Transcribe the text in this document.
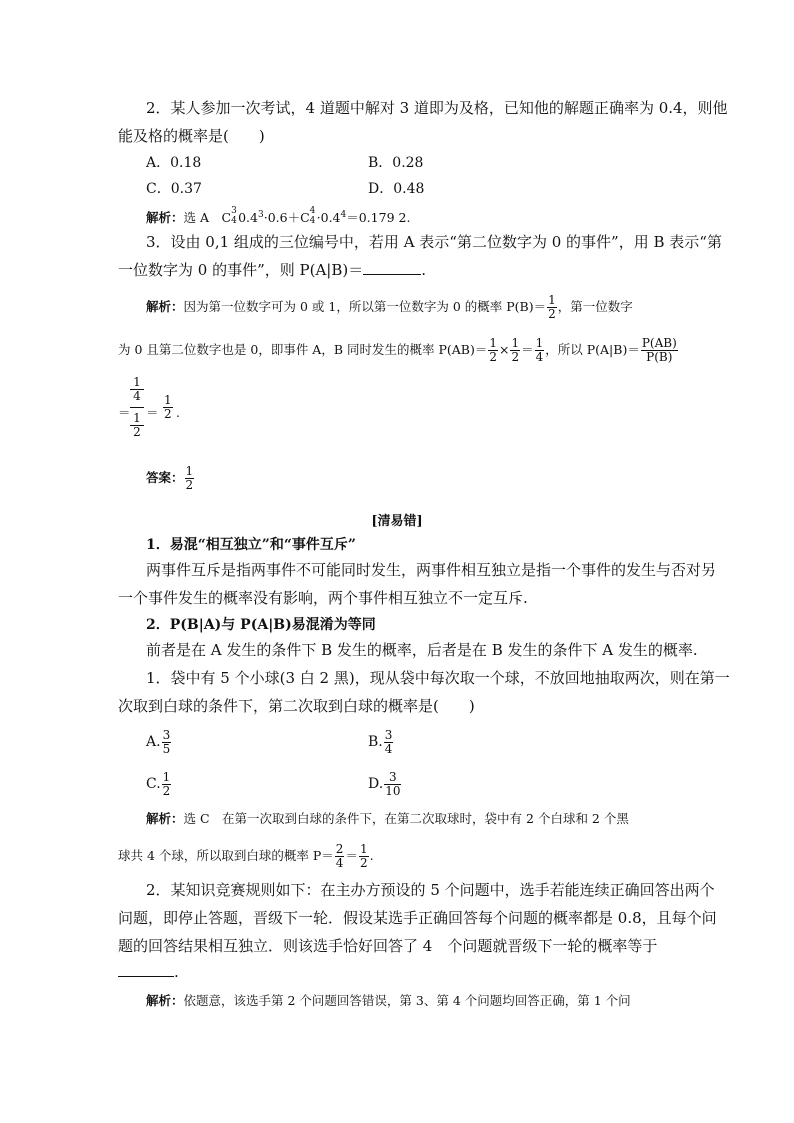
2．某人参加一次考试，4 道题中解对 3 道即为及格，已知他的解题正确率为 0.4，则他
能及格的概率是(　　)
A．0.18	B．0.28
C．0.37	D．0.48
解析：选 A　C 3
4 $0.4^3\cdot 0.6+C$ 4
$4 \cdot 0.4^4=0.179$ 2.
3．设由 0,1 组成的三位编号中，若用 A 表示“第二位数字为 0 的事件”，用 B 表示“第
一位数字为 0 的事件”，则 P(A|B)＝	.
解析：因为第一位数字可为 0 或 1，所以第一位数字为 0 的概率 $P(B)= \frac{1}{2}$ ，第一位数字
为 0 且第二位数字也是 0，即事件 A，B 同时发生的概率 $P(AB)= \frac{1}{2} \times \frac{1}{2} = \frac{1}{4}$ ，所以 $P(A|B)= \frac{P(AB)}{P(B)}$
＝
1
4
1
2
＝ $\frac{1}{2}$ .
答案： $\frac{1}{2}$
[清易错]
1．易混“相互独立”和“事件互斥”
两事件互斥是指两事件不可能同时发生，两事件相互独立是指一个事件的发生与否对另
一个事件发生的概率没有影响，两个事件相互独立不一定互斥.
2．P(B|A)与 P(A|B)易混淆为等同
前者是在 A 发生的条件下 B 发生的概率，后者是在 B 发生的条件下 A 发生的概率.
1．袋中有 5 个小球(3 白 2 黑)，现从袋中每次取一个球，不放回地抽取两次，则在第一
次取到白球的条件下，第二次取到白球的概率是(　　)
A. $\frac{3}{5}$	B. $\frac{3}{4}$
C. $\frac{1}{2}$	D. $\frac{3}{10}$
解析：选 C　在第一次取到白球的条件下，在第二次取球时，袋中有 2 个白球和 2 个黑
球共 4 个球，所以取到白球的概率 $P= \frac{2}{4} = \frac{1}{2}$ .
2．某知识竞赛规则如下：在主办方预设的 5 个问题中，选手若能连续正确回答出两个
问题，即停止答题，晋级下一轮．假设某选手正确回答每个问题的概率都是 0.8，且每个问
题的回答结果相互独立．则该选手恰好回答了 4　个问题就晋级下一轮的概率等于
.
解析：依题意，该选手第 2 个问题回答错误，第 3、第 4 个问题均回答正确，第 1 个问
